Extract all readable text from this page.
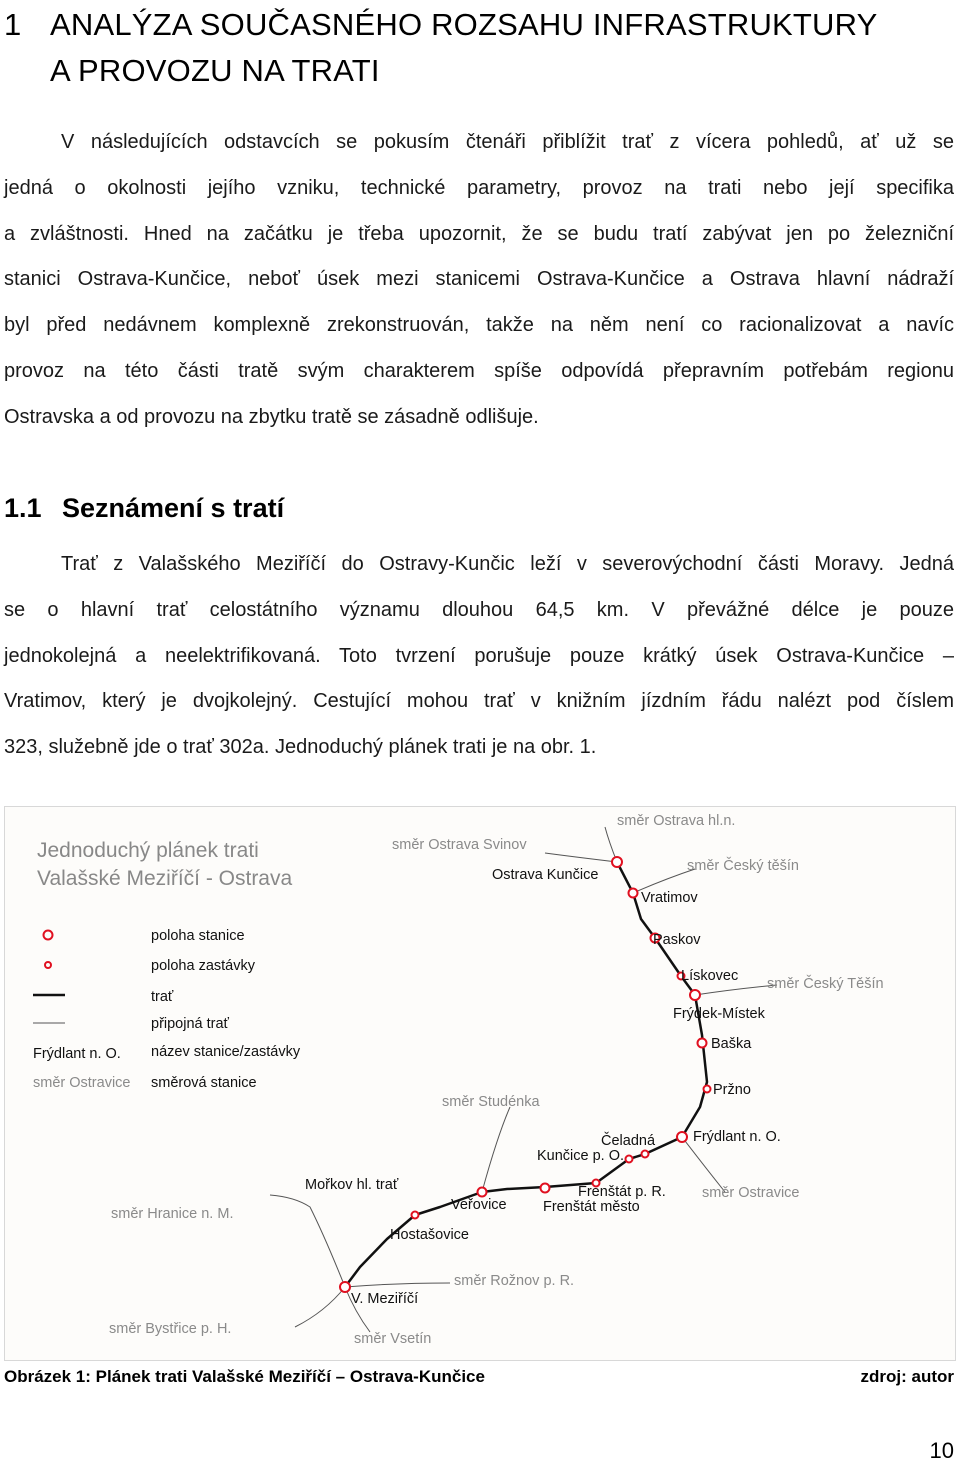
1 ANALÝZA SOUČASNÉHO ROZSAHU INFRASTRUKTURY
A PROVOZU NA TRATI
V následujících odstavcích se pokusím čtenáři přiblížit trať z vícera pohledů, ať už se
jedná o okolnosti jejího vzniku, technické parametry, provoz na trati nebo její specifika
a zvláštnosti. Hned na začátku je třeba upozornit, že se budu tratí zabývat jen po železniční
stanici Ostrava-Kunčice, neboť úsek mezi stanicemi Ostrava-Kunčice a Ostrava hlavní nádraží
byl před nedávnem komplexně zrekonstruován, takže na něm není co racionalizovat a navíc
provoz na této části tratě svým charakterem spíše odpovídá přepravním potřebám regionu
Ostravska a od provozu na zbytku tratě se zásadně odlišuje.
1.1 Seznámení s tratí
Trať z Valašského Meziříčí do Ostravy-Kunčic leží v severovýchodní části Moravy. Jedná
se o hlavní trať celostátního významu dlouhou 64,5 km. V převážné délce je pouze
jednokolejná a neelektrifikovaná. Toto tvrzení porušuje pouze krátký úsek Ostrava-Kunčice –
Vratimov, který je dvojkolejný. Cestující mohou trať v knižním jízdním řádu nalézt pod číslem
323, služebně jde o trať 302a. Jednoduchý plánek trati je na obr. 1.
Jednoduchý plánek trati
Valašské Meziříčí - Ostrava
poloha stanice
poloha zastávky
trať
připojná trať
Frýdlant n. O. název stanice/zastávky
směr Ostravice směrová stanice
Ostrava Kunčice
Vratimov
Paskov
Lískovec
Frýdek-Místek
Baška
Pržno
Frýdlant n. O.
Čeladná
Kunčice p. O.
Frenštát p. R.
Frenštát město
Veřovice
Mořkov hl. trať
Hostašovice
V. Meziříčí
směr Ostrava hl.n.
směr Ostrava Svinov
směr Český těšín
směr Český Těšín
směr Studénka
směr Ostravice
směr Hranice n. M.
směr Rožnov p. R.
směr Bystřice p. H.
směr Vsetín
Obrázek 1: Plánek trati Valašské Meziříčí – Ostrava-Kunčice	zdroj: autor
10
